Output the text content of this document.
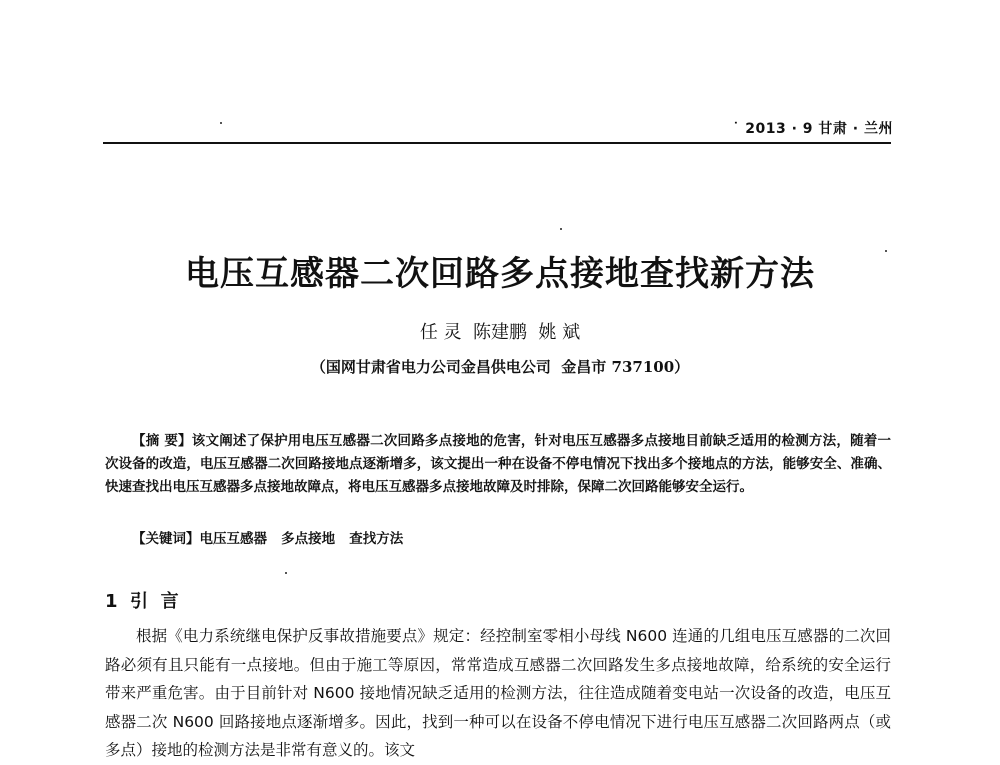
˙ 2013 · 9 甘肃 · 兰州
电压互感器二次回路多点接地查找新方法
任 灵  陈建鹏  姚 斌
（国网甘肃省电力公司金昌供电公司  金昌市 737100）
【摘 要】该文阐述了保护用电压互感器二次回路多点接地的危害，针对电压互感器多点接地目前缺乏适用的检测方法，随着一次设备的改造，电压互感器二次回路接地点逐渐增多，该文提出一种在设备不停电情况下找出多个接地点的方法，能够安全、准确、快速查找出电压互感器多点接地故障点，将电压互感器多点接地故障及时排除，保障二次回路能够安全运行。
【关键词】电压互感器   多点接地   查找方法
1  引  言
根据《电力系统继电保护反事故措施要点》规定：经控制室零相小母线 N600 连通的几组电压互感器的二次回路必须有且只能有一点接地。但由于施工等原因，常常造成互感器二次回路发生多点接地故障，给系统的安全运行带来严重危害。由于目前针对 N600 接地情况缺乏适用的检测方法，往往造成随着变电站一次设备的改造，电压互感器二次 N600 回路接地点逐渐增多。因此，找到一种可以在设备不停电情况下进行电压互感器二次回路两点（或多点）接地的检测方法是非常有意义的。该文
